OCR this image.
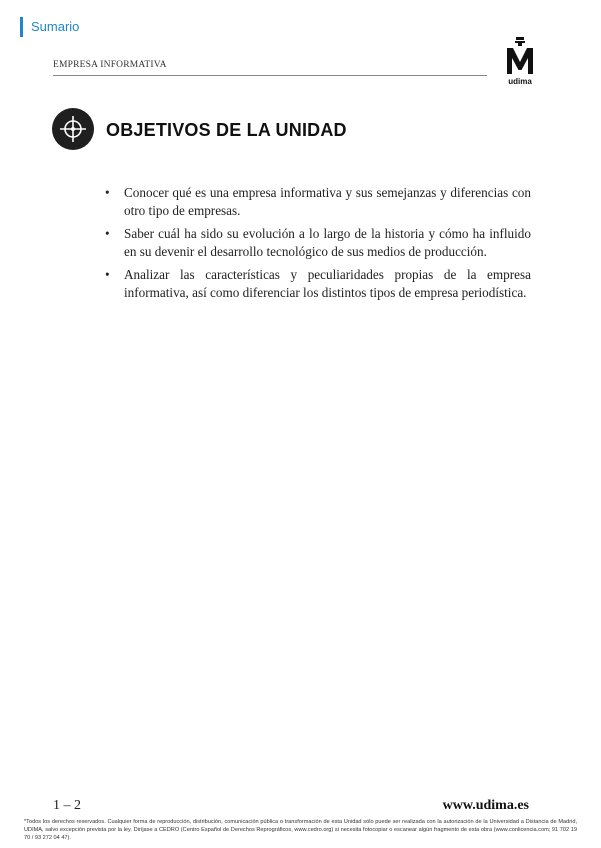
Sumario
EMPRESA INFORMATIVA
udima
OBJETIVOS DE LA UNIDAD
• Conocer qué es una empresa informativa y sus semejanzas y diferencias con otro tipo de empresas.
• Saber cuál ha sido su evolución a lo largo de la historia y cómo ha influido en su devenir el desarrollo tecnológico de sus medios de producción.
• Analizar las características y peculiaridades propias de la empresa informativa, así como diferenciar los distintos tipos de empresa periodística.
1 – 2	www.udima.es
*Todos los derechos reservados. Cualquier forma de reproducción, distribución, comunicación pública o transformación de esta Unidad sólo puede ser realizada con la autorización de la Universidad a Distancia de Madrid, UDIMA, salvo excepción prevista por la ley. Diríjase a CEDRO (Centro Español de Derechos Reprográficos, www.cedro.org) si necesita fotocopiar o escanear algún fragmento de esta obra (www.conlicencia.com; 91 702 19 70 / 93 272 04 47).
